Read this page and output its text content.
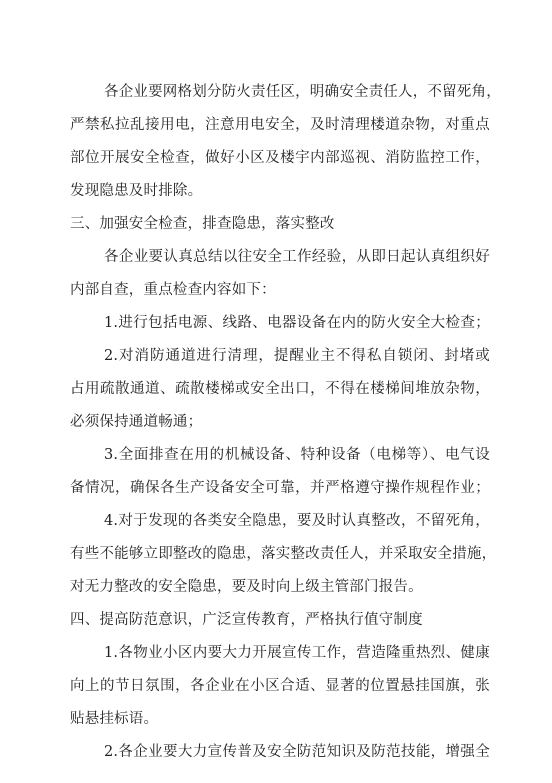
各企业要网格划分防火责任区，明确安全责任人，不留死角，
严禁私拉乱接用电，注意用电安全，及时清理楼道杂物，对重点
部位开展安全检查，做好小区及楼宇内部巡视、消防监控工作，
发现隐患及时排除。
三、加强安全检查，排查隐患，落实整改
各企业要认真总结以往安全工作经验，从即日起认真组织好
内部自查，重点检查内容如下：
1.进行包括电源、线路、电器设备在内的防火安全大检查；
2.对消防通道进行清理，提醒业主不得私自锁闭、封堵或
占用疏散通道、疏散楼梯或安全出口，不得在楼梯间堆放杂物，
必须保持通道畅通；
3.全面排查在用的机械设备、特种设备（电梯等）、电气设
备情况，确保各生产设备安全可靠，并严格遵守操作规程作业；
4.对于发现的各类安全隐患，要及时认真整改，不留死角，
有些不能够立即整改的隐患，落实整改责任人，并采取安全措施，
对无力整改的安全隐患，要及时向上级主管部门报告。
四、提高防范意识，广泛宣传教育，严格执行值守制度
1.各物业小区内要大力开展宣传工作，营造隆重热烈、健康
向上的节日氛围，各企业在小区合适、显著的位置悬挂国旗，张
贴悬挂标语。
2.各企业要大力宣传普及安全防范知识及防范技能，增强全
